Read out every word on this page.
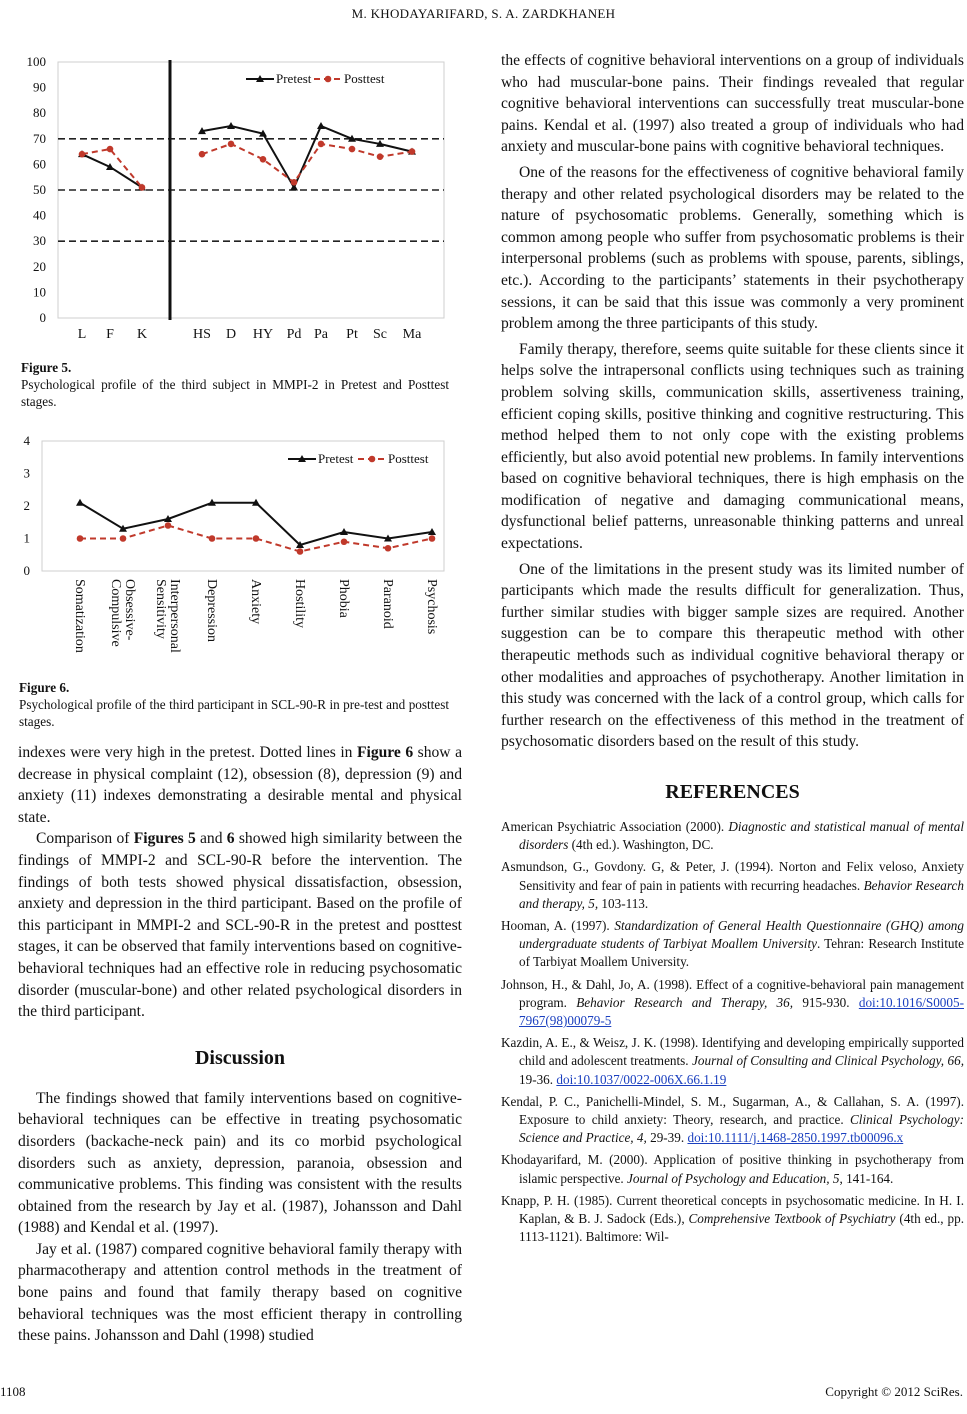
M. KHODAYARIFARD, S. A. ZARDKHANEH
0
10
20
30
40
50
60
70
80
90
100
L F K	HS D HY Pd Pa Pt Sc Ma
Pretest	Posttest
Figure 5.
Psychological profile of the third subject in MMPI-2 in Pretest and Posttest stages.
0
1
2
3
4
Somatization	Obsessive-Compulsive	InterpersonalSensitivity	Depression Anxiety Hostility Phobia Paranoid Psychosis
Pretest	Posttest
Figure 6.
Psychological profile of the third participant in SCL-90-R in pre-test and posttest stages.

indexes were very high in the pretest. Dotted lines in Figure 6 show a decrease in physical complaint (12), obsession (8), depression (9) and anxiety (11) indexes demonstrating a desirable mental and physical state.

Comparison of Figures 5 and 6 showed high similarity between the findings of MMPI-2 and SCL-90-R before the intervention. The findings of both tests showed physical dissatisfaction, obsession, anxiety and depression in the third participant. Based on the profile of this participant in MMPI-2 and SCL-90-R in the pretest and posttest stages, it can be observed that family interventions based on cognitive-behavioral techniques had an effective role in reducing psychosomatic disorder (muscular-bone) and other related psychological disorders in the third participant.

Discussion

The findings showed that family interventions based on cognitive-behavioral techniques can be effective in treating psychosomatic disorders (backache-neck pain) and its co morbid psychological disorders such as anxiety, depression, paranoia, obsession and communicative problems. This finding was consistent with the results obtained from the research by Jay et al. (1987), Johansson and Dahl (1988) and Kendal et al. (1997).

Jay et al. (1987) compared cognitive behavioral family therapy with pharmacotherapy and attention control methods in the treatment of bone pains and found that family therapy based on cognitive behavioral techniques was the most efficient therapy in controlling these pains. Johansson and Dahl (1998) studied

the effects of cognitive behavioral interventions on a group of individuals who had muscular-bone pains. Their findings revealed that regular cognitive behavioral interventions can successfully treat muscular-bone pains. Kendal et al. (1997) also treated a group of individuals who had anxiety and muscular-bone pains with cognitive behavioral techniques.

One of the reasons for the effectiveness of cognitive behavioral family therapy and other related psychological disorders may be related to the nature of psychosomatic problems. Generally, something which is common among people who suffer from psychosomatic problems is their interpersonal problems (such as problems with spouse, parents, siblings, etc.). According to the participants’ statements in their psychotherapy sessions, it can be said that this issue was commonly a very prominent problem among the three participants of this study.

Family therapy, therefore, seems quite suitable for these clients since it helps solve the intrapersonal conflicts using techniques such as training problem solving skills, communication skills, assertiveness training, efficient coping skills, positive thinking and cognitive restructuring. This method helped them to not only cope with the existing problems efficiently, but also avoid potential new problems. In family interventions based on cognitive behavioral techniques, there is high emphasis on the modification of negative and damaging communicational means, dysfunctional belief patterns, unreasonable thinking patterns and unreal expectations.

One of the limitations in the present study was its limited number of participants which made the results difficult for generalization. Thus, further similar studies with bigger sample sizes are required. Another suggestion can be to compare this therapeutic method with other therapeutic methods such as individual cognitive behavioral therapy or other modalities and approaches of psychotherapy. Another limitation in this study was concerned with the lack of a control group, which calls for further research on the effectiveness of this method in the treatment of psychosomatic disorders based on the result of this study.

REFERENCES

American Psychiatric Association (2000). Diagnostic and statistical manual of mental disorders (4th ed.). Washington, DC.

Asmundson, G., Govdony. G, & Peter, J. (1994). Norton and Felix veloso, Anxiety Sensitivity and fear of pain in patients with recurring headaches. Behavior Research and therapy, 5, 103-113.

Hooman, A. (1997). Standardization of General Health Questionnaire (GHQ) among undergraduate students of Tarbiyat Moallem University. Tehran: Research Institute of Tarbiyat Moallem University.

Johnson, H., & Dahl, Jo, A. (1998). Effect of a cognitive-behavioral pain management program. Behavior Research and Therapy, 36, 915-930. doi:10.1016/S0005-7967(98)00079-5

Kazdin, A. E., & Weisz, J. K. (1998). Identifying and developing empirically supported child and adolescent treatments. Journal of Consulting and Clinical Psychology, 66, 19-36. doi:10.1037/0022-006X.66.1.19

Kendal, P. C., Panichelli-Mindel, S. M., Sugarman, A., & Callahan, S. A. (1997). Exposure to child anxiety: Theory, research, and practice. Clinical Psychology: Science and Practice, 4, 29-39. doi:10.1111/j.1468-2850.1997.tb00096.x

Khodayarifard, M. (2000). Application of positive thinking in psychotherapy from islamic perspective. Journal of Psychology and Education, 5, 141-164.

Knapp, P. H. (1985). Current theoretical concepts in psychosomatic medicine. In H. I. Kaplan, & B. J. Sadock (Eds.), Comprehensive Textbook of Psychiatry (4th ed., pp. 1113-1121). Baltimore: Wil-

1108	Copyright © 2012 SciRes.
